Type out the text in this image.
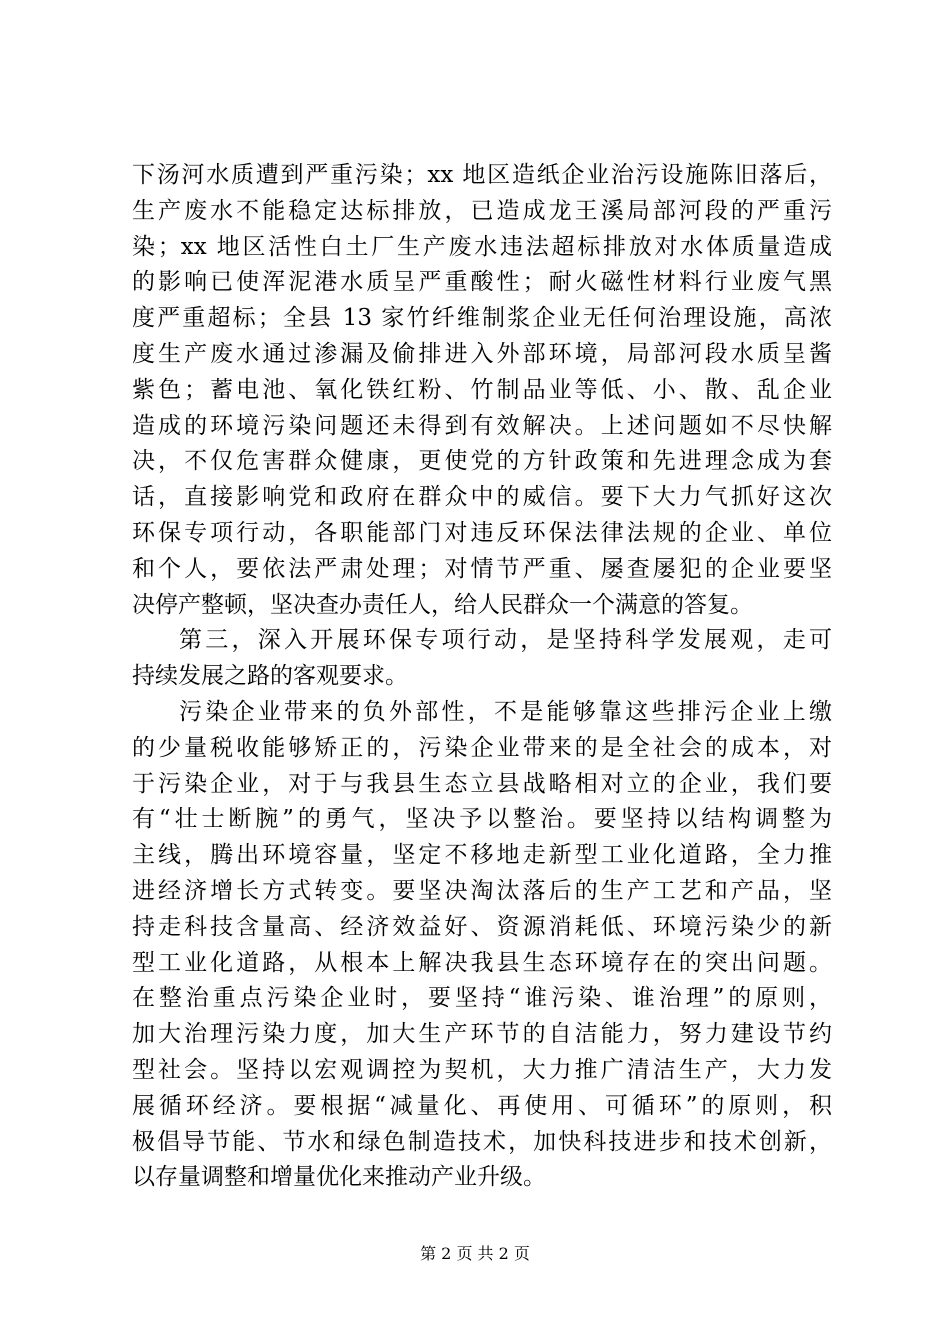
下汤河水质遭到严重污染；xx 地区造纸企业治污设施陈旧落后，
生产废水不能稳定达标排放，已造成龙王溪局部河段的严重污
染；xx 地区活性白土厂生产废水违法超标排放对水体质量造成
的影响已使浑泥港水质呈严重酸性；耐火磁性材料行业废气黑
度严重超标；全县 13 家竹纤维制浆企业无任何治理设施，高浓
度生产废水通过渗漏及偷排进入外部环境，局部河段水质呈酱
紫色；蓄电池、氧化铁红粉、竹制品业等低、小、散、乱企业
造成的环境污染问题还未得到有效解决。上述问题如不尽快解
决，不仅危害群众健康，更使党的方针政策和先进理念成为套
话，直接影响党和政府在群众中的威信。要下大力气抓好这次
环保专项行动，各职能部门对违反环保法律法规的企业、单位
和个人，要依法严肃处理；对情节严重、屡查屡犯的企业要坚
决停产整顿，坚决查办责任人，给人民群众一个满意的答复。
第三，深入开展环保专项行动，是坚持科学发展观，走可
持续发展之路的客观要求。
污染企业带来的负外部性，不是能够靠这些排污企业上缴
的少量税收能够矫正的，污染企业带来的是全社会的成本，对
于污染企业，对于与我县生态立县战略相对立的企业，我们要
有“壮士断腕”的勇气，坚决予以整治。要坚持以结构调整为
主线，腾出环境容量，坚定不移地走新型工业化道路，全力推
进经济增长方式转变。要坚决淘汰落后的生产工艺和产品，坚
持走科技含量高、经济效益好、资源消耗低、环境污染少的新
型工业化道路，从根本上解决我县生态环境存在的突出问题。
在整治重点污染企业时，要坚持“谁污染、谁治理”的原则，
加大治理污染力度，加大生产环节的自洁能力，努力建设节约
型社会。坚持以宏观调控为契机，大力推广清洁生产，大力发
展循环经济。要根据“减量化、再使用、可循环”的原则，积
极倡导节能、节水和绿色制造技术，加快科技进步和技术创新，
以存量调整和增量优化来推动产业升级。
第 2 页 共 2 页
